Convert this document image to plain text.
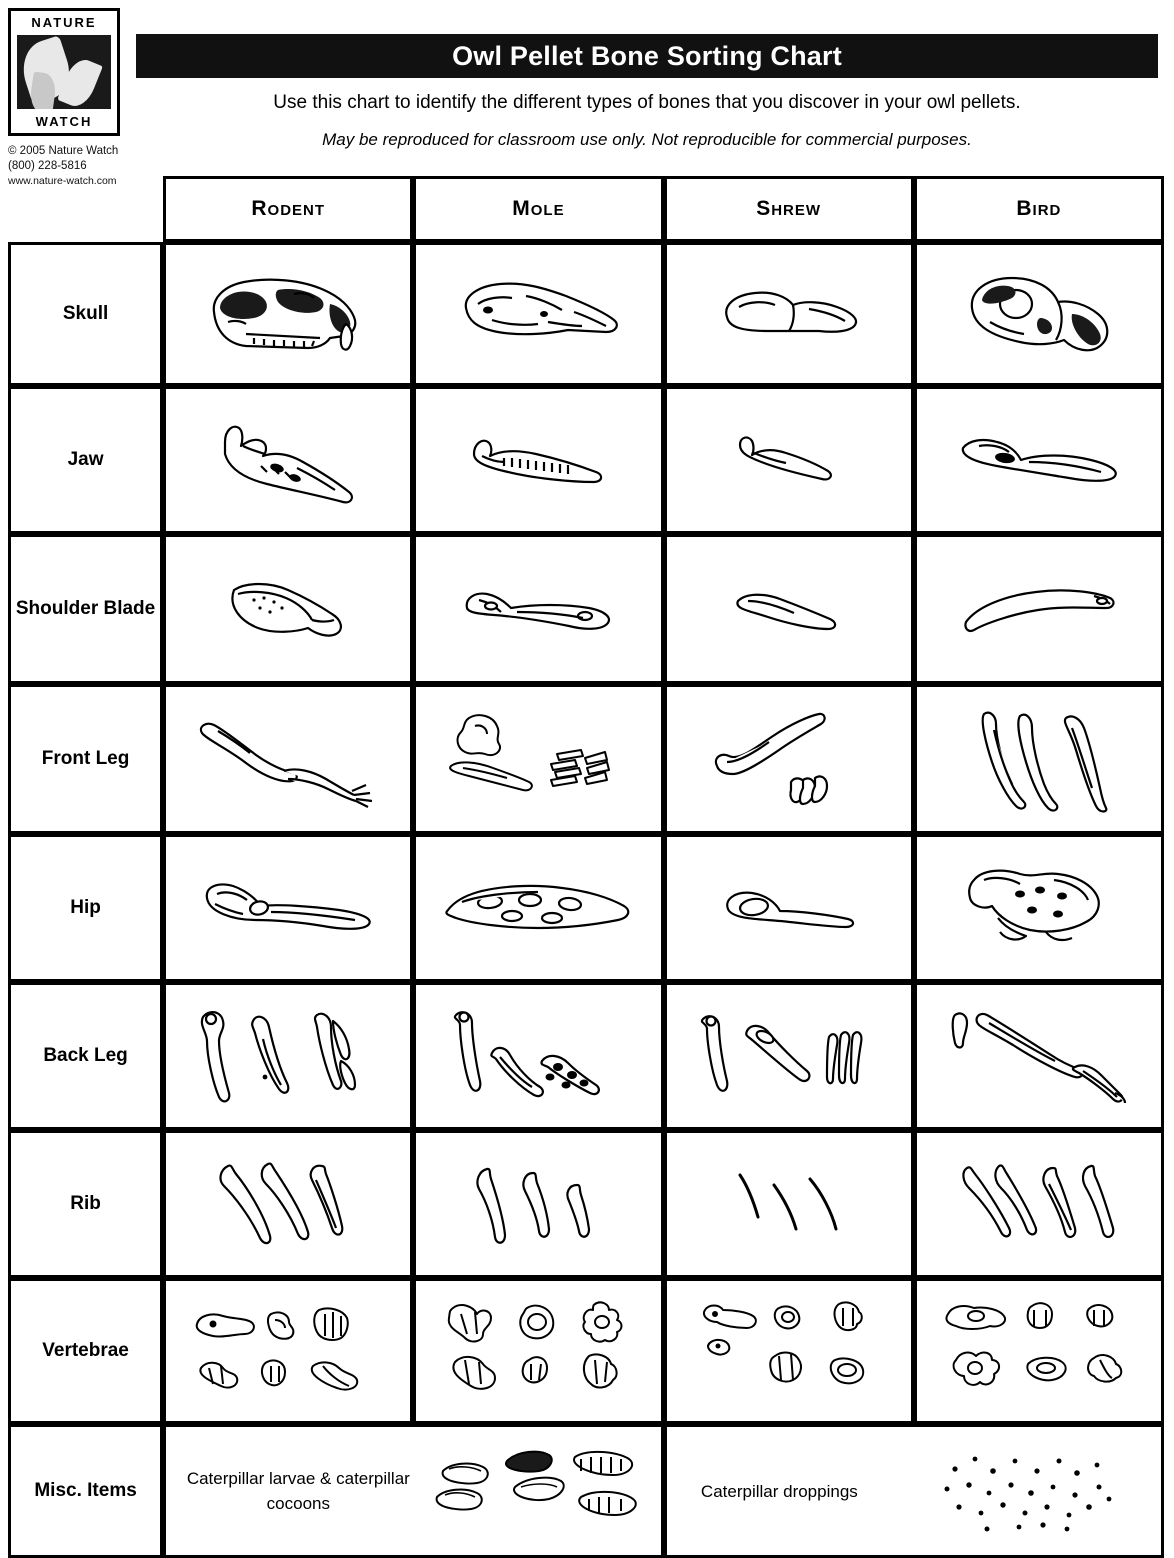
NATURE
WATCH
© 2005 Nature Watch
(800) 228-5816
www.nature-watch.com
Owl Pellet Bone Sorting Chart
Use this chart to identify the different types of bones that you discover in your owl pellets.
May be reproduced for classroom use only. Not reproducible for commercial purposes.
	Rodent	Mole	Shrew	Bird
Skull	

Jaw	

Shoulder Blade	

Front Leg	

Hip	

Back Leg	

Rib	

Vertebrae	

Misc. Items	Caterpillar larvae & caterpillar cocoons		Caterpillar droppings	
